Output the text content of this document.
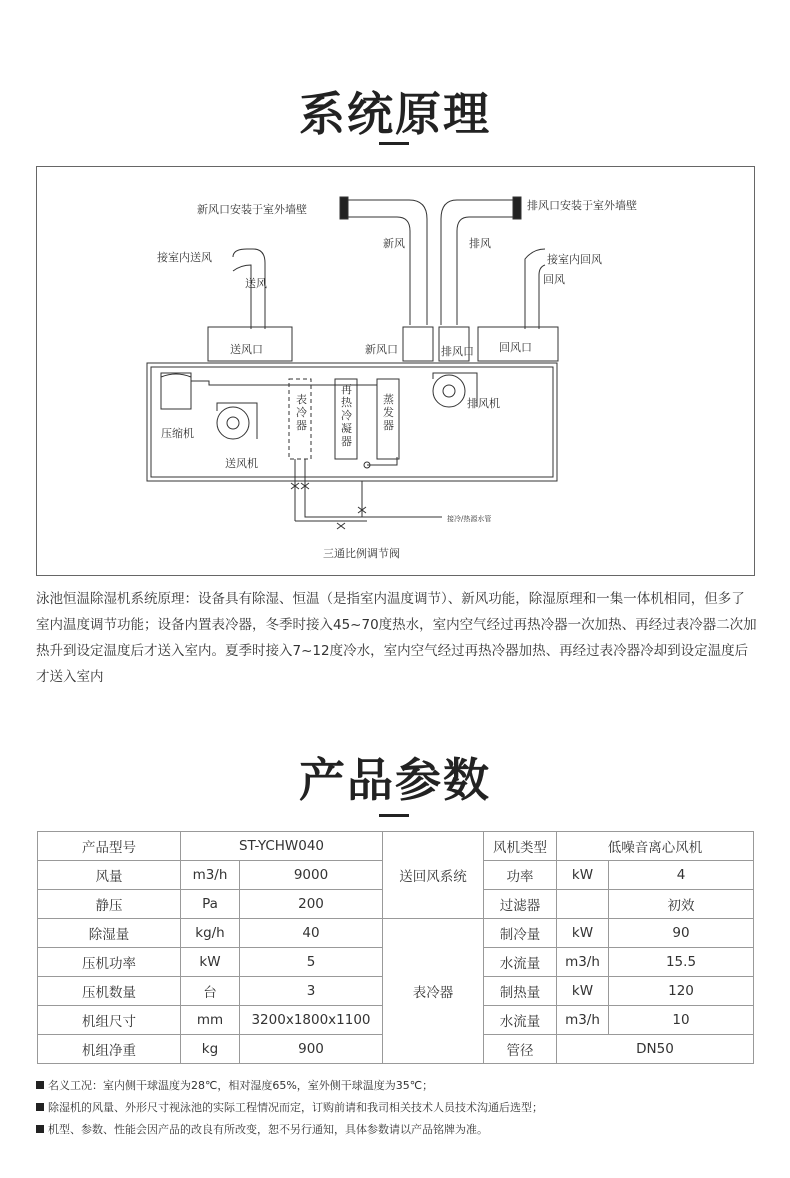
系统原理
新风口安装于室外墙壁	排风口安装于室外墙壁
新风	排风
接室内送风
送风
接室内回风
回风
送风口	新风口	排风口 回风口
压缩机
送风机
排风机
三通比例调节阀
表冷器
再热冷凝器
蒸发器
接冷/热源水管
泳池恒温除湿机系统原理：设备具有除湿、恒温（是指室内温度调节）、新风功能，除湿原理和一集一体机相同，但多了室内温度调节功能；设备内置表冷器，冬季时接入45~70度热水，室内空气经过再热冷器一次加热、再经过表冷器二次加热升到设定温度后才送入室内。夏季时接入7~12度冷水，室内空气经过再热冷器加热、再经过表冷器冷却到设定温度后才送入室内
产品参数
产品型号	ST-YCHW040		送回风系统	风机类型	低噪音离心风机	
风量	m3/h	9000		功率	kW	4
静压	Pa	200		过滤器		初效
除湿量	kg/h	40	表冷器	制冷量	kW	90
压机功率	kW	5		水流量	m3/h	15.5
压机数量	台	3		制热量	kW	120
机组尺寸	mm	3200x1800x1100		水流量	m3/h	10
机组净重	kg	900		管径	DN50	
名义工况：室内侧干球温度为28℃，相对湿度65%，室外侧干球温度为35℃；
除湿机的风量、外形尺寸视泳池的实际工程情况而定，订购前请和我司相关技术人员技术沟通后选型；
机型、参数、性能会因产品的改良有所改变，恕不另行通知，具体参数请以产品铭牌为准。
